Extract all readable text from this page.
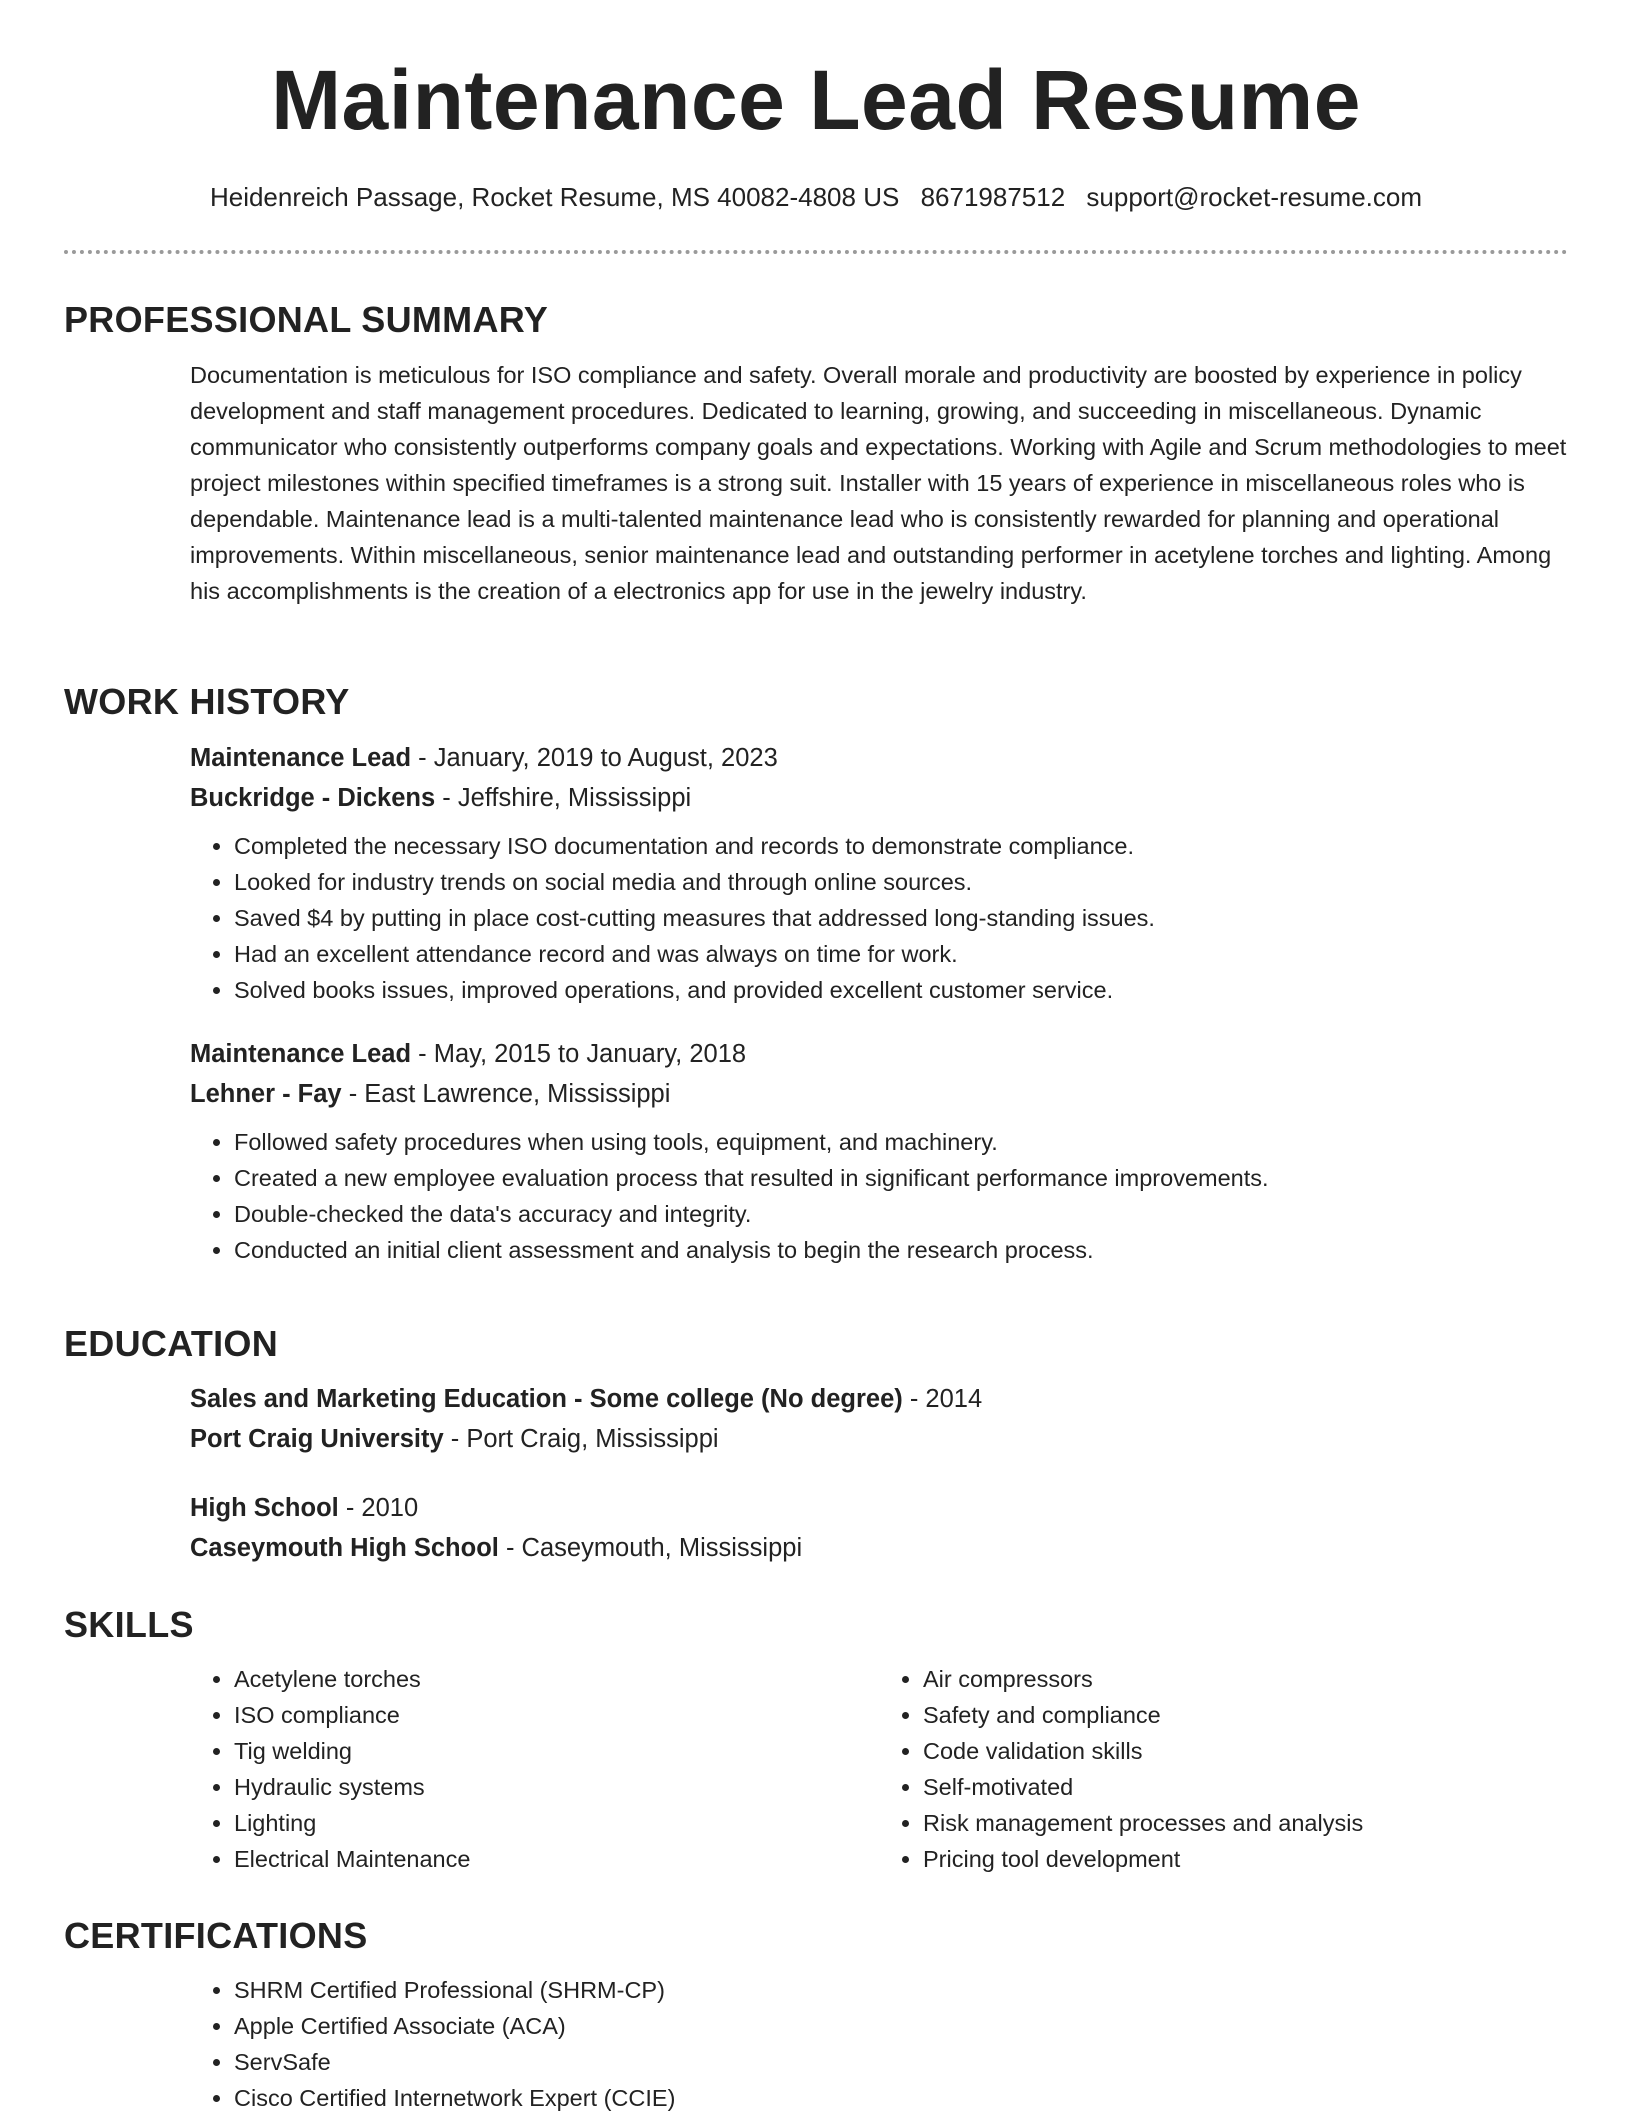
Maintenance Lead Resume
Heidenreich Passage, Rocket Resume, MS 40082-4808 US 8671987512 support@rocket-resume.com
PROFESSIONAL SUMMARY

Documentation is meticulous for ISO compliance and safety. Overall morale and productivity are boosted by experience in policy development and staff management procedures. Dedicated to learning, growing, and succeeding in miscellaneous. Dynamic communicator who consistently outperforms company goals and expectations. Working with Agile and Scrum methodologies to meet project milestones within specified timeframes is a strong suit. Installer with 15 years of experience in miscellaneous roles who is dependable. Maintenance lead is a multi-talented maintenance lead who is consistently rewarded for planning and operational improvements. Within miscellaneous, senior maintenance lead and outstanding performer in acetylene torches and lighting. Among his accomplishments is the creation of a electronics app for use in the jewelry industry.

WORK HISTORY
Maintenance Lead - January, 2019 to August, 2023
Buckridge - Dickens - Jeffshire, Mississippi
• Completed the necessary ISO documentation and records to demonstrate compliance.
• Looked for industry trends on social media and through online sources.
• Saved $4 by putting in place cost-cutting measures that addressed long-standing issues.
• Had an excellent attendance record and was always on time for work.
• Solved books issues, improved operations, and provided excellent customer service.
Maintenance Lead - May, 2015 to January, 2018
Lehner - Fay - East Lawrence, Mississippi
• Followed safety procedures when using tools, equipment, and machinery.
• Created a new employee evaluation process that resulted in significant performance improvements.
• Double-checked the data's accuracy and integrity.
• Conducted an initial client assessment and analysis to begin the research process.
EDUCATION
Sales and Marketing Education - Some college (No degree) - 2014
Port Craig University - Port Craig, Mississippi
High School - 2010
Caseymouth High School - Caseymouth, Mississippi
SKILLS
• Acetylene torches
• ISO compliance
• Tig welding
• Hydraulic systems
• Lighting
• Electrical Maintenance
• Air compressors
• Safety and compliance
• Code validation skills
• Self-motivated
• Risk management processes and analysis
• Pricing tool development
CERTIFICATIONS
• SHRM Certified Professional (SHRM-CP)
• Apple Certified Associate (ACA)
• ServSafe
• Cisco Certified Internetwork Expert (CCIE)
